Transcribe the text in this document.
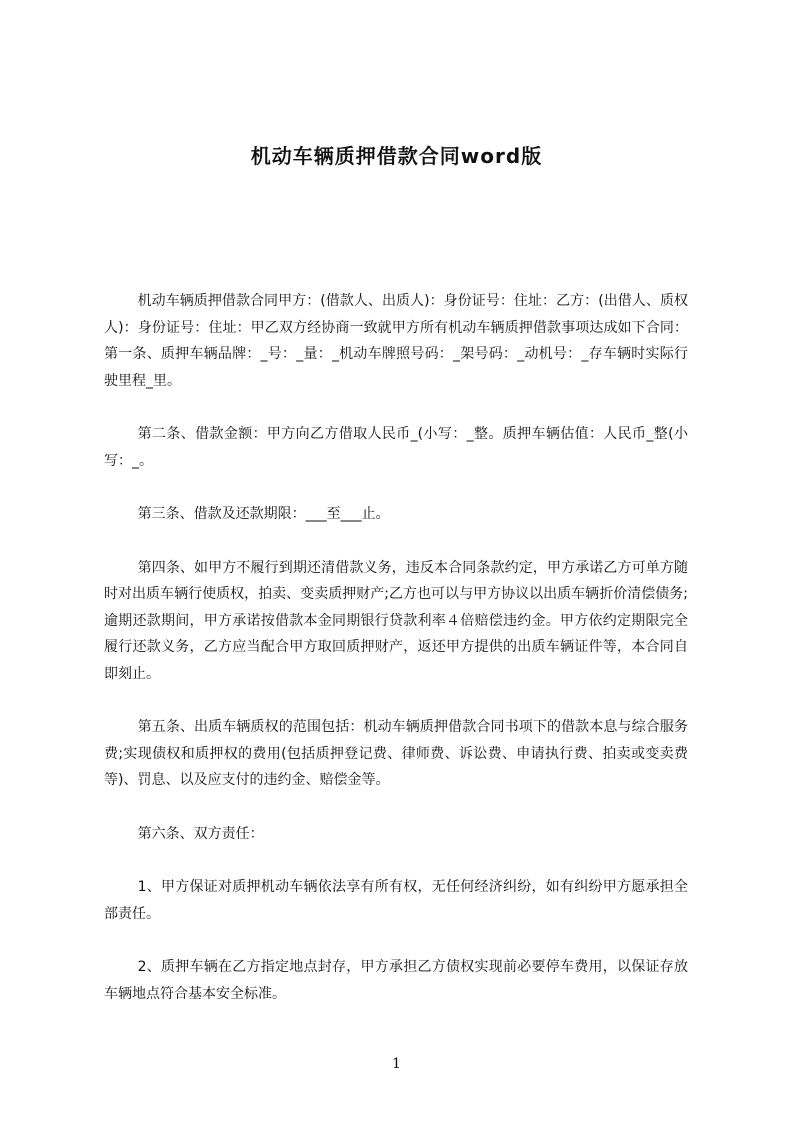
机动车辆质押借款合同word版

机动车辆质押借款合同甲方：(借款人、出质人)：身份证号：住址：乙方：(出借人、质权人)：身份证号：住址：甲乙双方经协商一致就甲方所有机动车辆质押借款事项达成如下合同：第一条、质押车辆品牌：_号：_量：_机动车牌照号码：_架号码：_动机号：_存车辆时实际行驶里程_里。

第二条、借款金额：甲方向乙方借取人民币_(小写：_整。质押车辆估值：人民币_整(小写：_。

第三条、借款及还款期限：___至___止。

第四条、如甲方不履行到期还清借款义务，违反本合同条款约定，甲方承诺乙方可单方随时对出质车辆行使质权，拍卖、变卖质押财产;乙方也可以与甲方协议以出质车辆折价清偿债务;逾期还款期间，甲方承诺按借款本金同期银行贷款利率４倍赔偿违约金。甲方依约定期限完全履行还款义务，乙方应当配合甲方取回质押财产，返还甲方提供的出质车辆证件等，本合同自即刻止。

第五条、出质车辆质权的范围包括：机动车辆质押借款合同书项下的借款本息与综合服务费;实现债权和质押权的费用(包括质押登记费、律师费、诉讼费、申请执行费、拍卖或变卖费等)、罚息、以及应支付的违约金、赔偿金等。

第六条、双方责任：

1、甲方保证对质押机动车辆依法享有所有权，无任何经济纠纷，如有纠纷甲方愿承担全部责任。

2、质押车辆在乙方指定地点封存，甲方承担乙方债权实现前必要停车费用，以保证存放车辆地点符合基本安全标准。

1
